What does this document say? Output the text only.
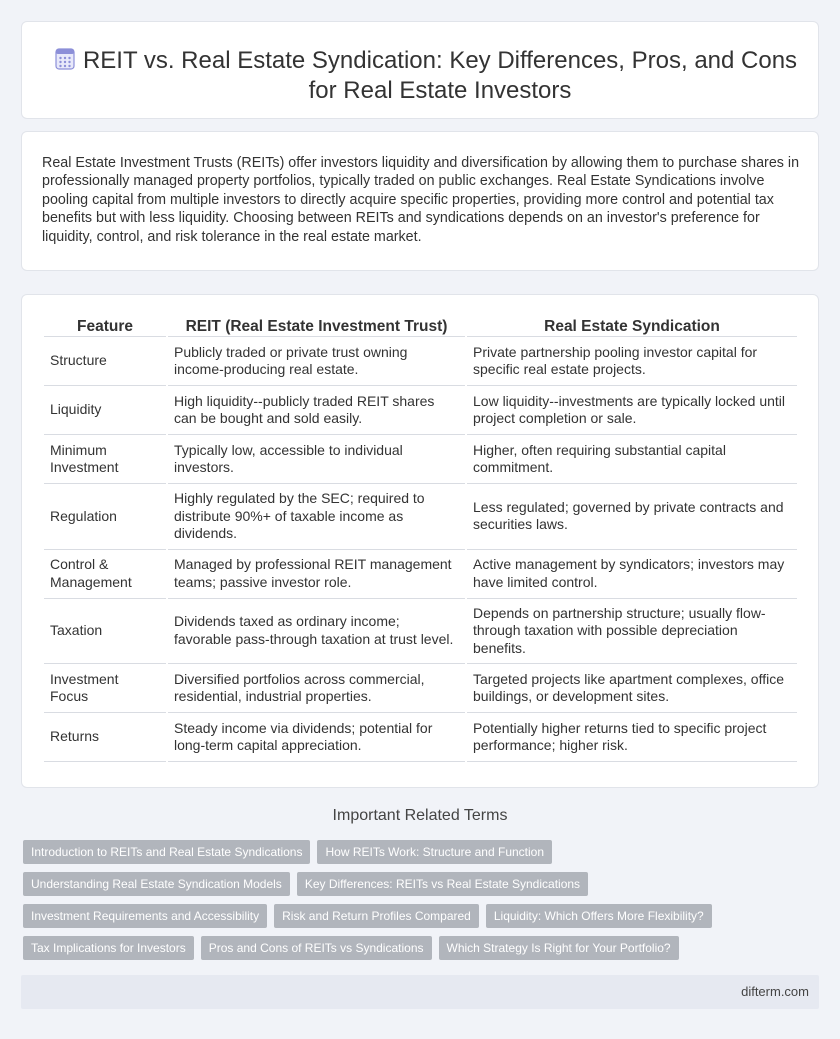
REIT vs. Real Estate Syndication: Key Differences, Pros, and Cons for Real Estate Investors

Real Estate Investment Trusts (REITs) offer investors liquidity and diversification by allowing them to purchase shares in professionally managed property portfolios, typically traded on public exchanges. Real Estate Syndications involve pooling capital from multiple investors to directly acquire specific properties, providing more control and potential tax benefits but with less liquidity. Choosing between REITs and syndications depends on an investor's preference for liquidity, control, and risk tolerance in the real estate market.

Feature	REIT (Real Estate Investment Trust)	Real Estate Syndication
Structure	Publicly traded or private trust owning income-producing real estate.	Private partnership pooling investor capital for specific real estate projects.
Liquidity	High liquidity--publicly traded REIT shares can be bought and sold easily.	Low liquidity--investments are typically locked until project completion or sale.
Minimum Investment	Typically low, accessible to individual investors.	Higher, often requiring substantial capital commitment.
Regulation	Highly regulated by the SEC; required to distribute 90%+ of taxable income as dividends.	Less regulated; governed by private contracts and securities laws.
Control & Management	Managed by professional REIT management teams; passive investor role.	Active management by syndicators; investors may have limited control.
Taxation	Dividends taxed as ordinary income; favorable pass-through taxation at trust level.	Depends on partnership structure; usually flow-through taxation with possible depreciation benefits.
Investment Focus	Diversified portfolios across commercial, residential, industrial properties.	Targeted projects like apartment complexes, office buildings, or development sites.
Returns	Steady income via dividends; potential for long-term capital appreciation.	Potentially higher returns tied to specific project performance; higher risk.
Important Related Terms
Introduction to REITs and Real Estate Syndications	How REITs Work: Structure and Function
Understanding Real Estate Syndication Models	Key Differences: REITs vs Real Estate Syndications
Investment Requirements and Accessibility	Risk and Return Profiles Compared	Liquidity: Which Offers More Flexibility?
Tax Implications for Investors	Pros and Cons of REITs vs Syndications	Which Strategy Is Right for Your Portfolio?
difterm.com
